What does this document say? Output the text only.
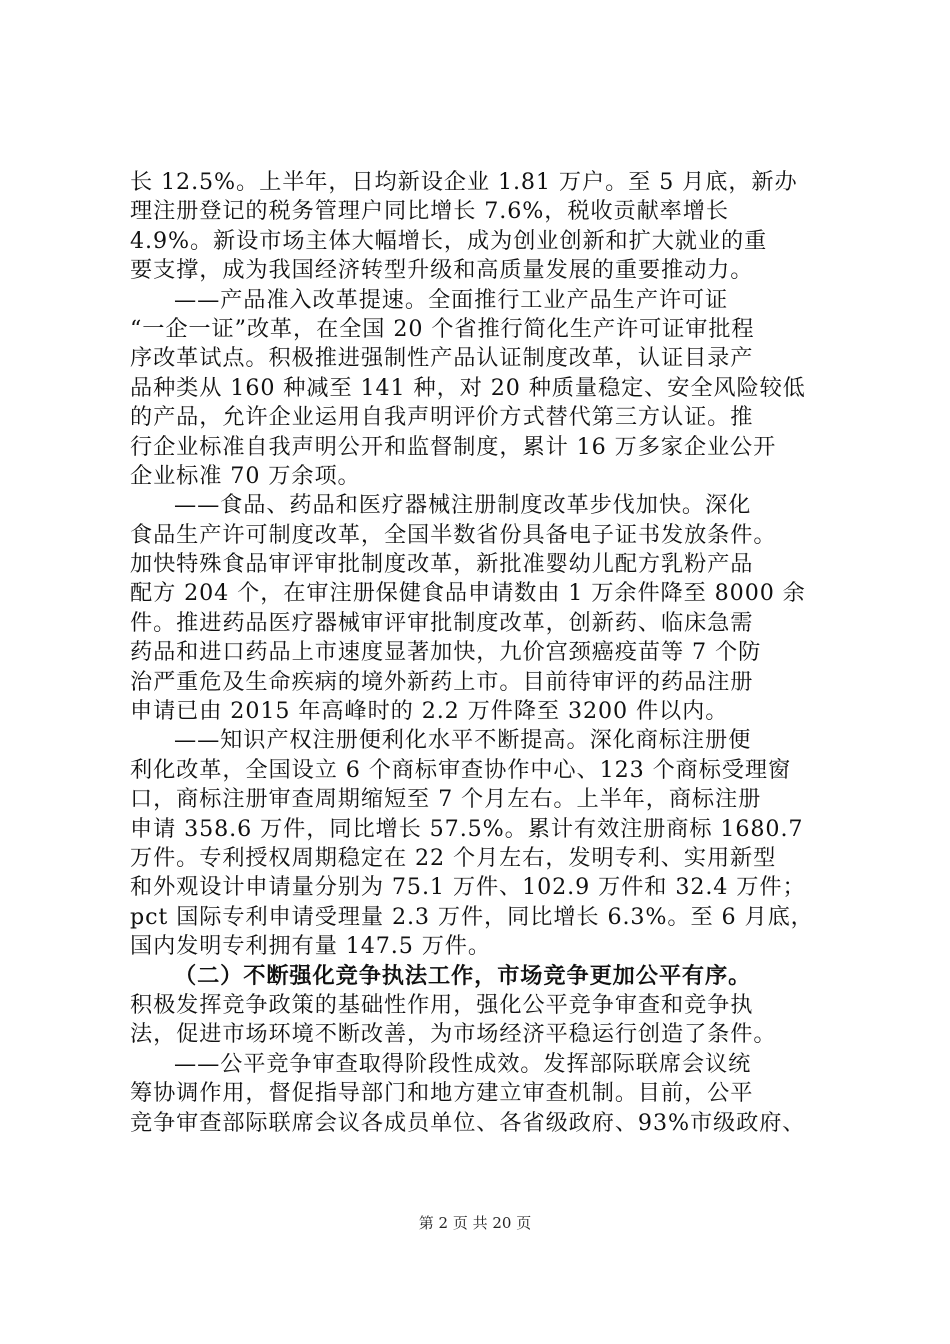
长 12.5%。上半年，日均新设企业 1.81 万户。至 5 月底，新办
理注册登记的税务管理户同比增长 7.6%，税收贡献率增长
4.9%。新设市场主体大幅增长，成为创业创新和扩大就业的重
要支撑，成为我国经济转型升级和高质量发展的重要推动力。
——产品准入改革提速。全面推行工业产品生产许可证
“一企一证”改革，在全国 20 个省推行简化生产许可证审批程
序改革试点。积极推进强制性产品认证制度改革，认证目录产
品种类从 160 种减至 141 种，对 20 种质量稳定、安全风险较低
的产品，允许企业运用自我声明评价方式替代第三方认证。推
行企业标准自我声明公开和监督制度，累计 16 万多家企业公开
企业标准 70 万余项。
——食品、药品和医疗器械注册制度改革步伐加快。深化
食品生产许可制度改革，全国半数省份具备电子证书发放条件。
加快特殊食品审评审批制度改革，新批准婴幼儿配方乳粉产品
配方 204 个，在审注册保健食品申请数由 1 万余件降至 8000 余
件。推进药品医疗器械审评审批制度改革，创新药、临床急需
药品和进口药品上市速度显著加快，九价宫颈癌疫苗等 7 个防
治严重危及生命疾病的境外新药上市。目前待审评的药品注册
申请已由 2015 年高峰时的 2.2 万件降至 3200 件以内。
——知识产权注册便利化水平不断提高。深化商标注册便
利化改革，全国设立 6 个商标审查协作中心、123 个商标受理窗
口，商标注册审查周期缩短至 7 个月左右。上半年，商标注册
申请 358.6 万件，同比增长 57.5%。累计有效注册商标 1680.7
万件。专利授权周期稳定在 22 个月左右，发明专利、实用新型
和外观设计申请量分别为 75.1 万件、102.9 万件和 32.4 万件；
pct 国际专利申请受理量 2.3 万件，同比增长 6.3%。至 6 月底，
国内发明专利拥有量 147.5 万件。
（二）不断强化竞争执法工作，市场竞争更加公平有序。
积极发挥竞争政策的基础性作用，强化公平竞争审查和竞争执
法，促进市场环境不断改善，为市场经济平稳运行创造了条件。
——公平竞争审查取得阶段性成效。发挥部际联席会议统
筹协调作用，督促指导部门和地方建立审查机制。目前，公平
竞争审查部际联席会议各成员单位、各省级政府、93%市级政府、
第 2 页 共 20 页
